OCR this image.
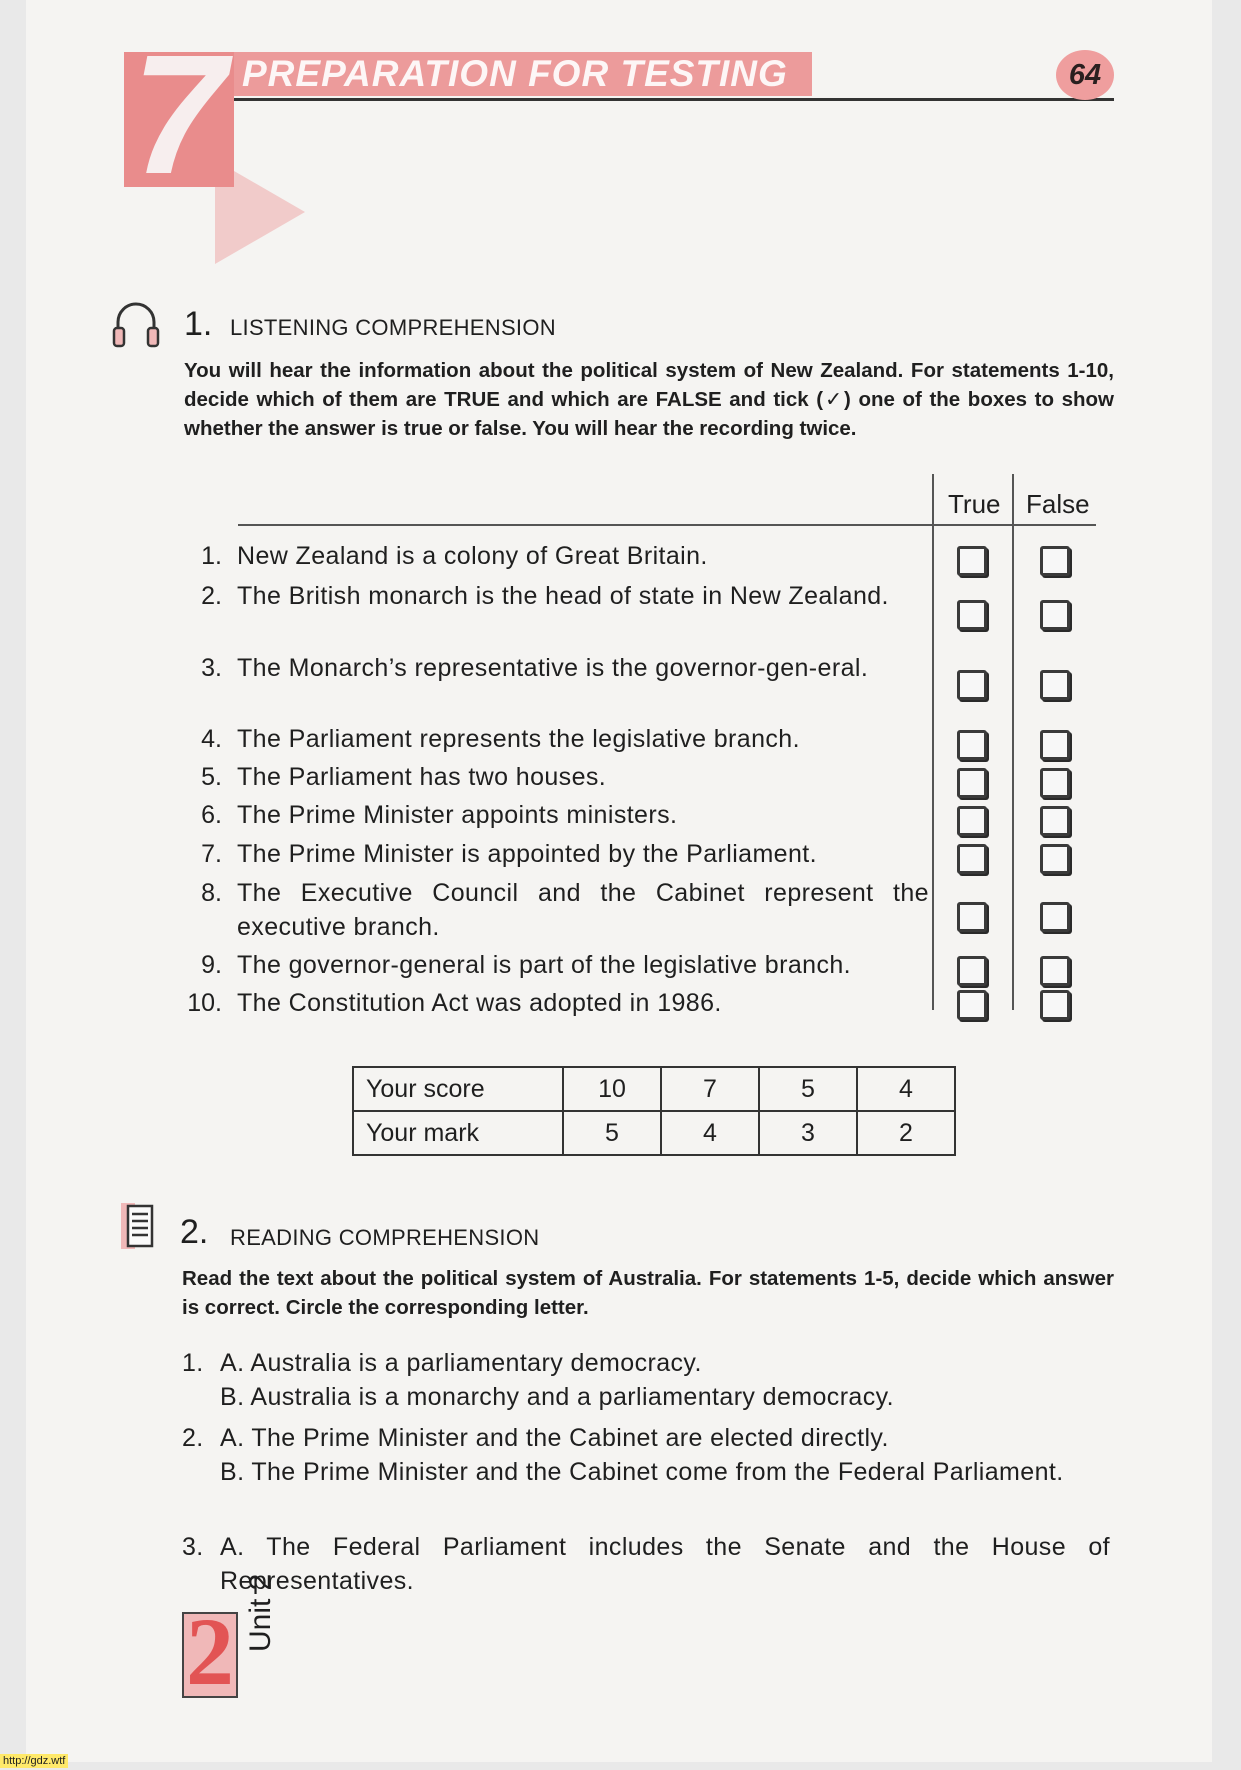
7 PREPARATION FOR TESTING	64
1. LISTENING COMPREHENSION
You will hear the information about the political system of New Zealand. For statements 1-10, decide which of them are TRUE and which are FALSE and tick (✓) one of the boxes to show whether the answer is true or false. You will hear the recording twice.
True False
1. New Zealand is a colony of Great Britain.
2. The British monarch is the head of state in New Zealand.
3. The Monarch’s representative is the governor-gen-eral.
4. The Parliament represents the legislative branch.
5. The Parliament has two houses.
6. The Prime Minister appoints ministers.
7. The Prime Minister is appointed by the Parliament.
8. The Executive Council and the Cabinet represent the executive branch.
9. The governor-general is part of the legislative branch.
10. The Constitution Act was adopted in 1986.
Your score	10	7	5	4
Your mark	5	4	3	2
2. READING COMPREHENSION
Read the text about the political system of Australia. For statements 1-5, decide which answer is correct. Circle the corresponding letter.
1. A. Australia is a parliamentary democracy.
B. Australia is a monarchy and a parliamentary democracy.
2. A. The Prime Minister and the Cabinet are elected directly.
B. The Prime Minister and the Cabinet come from the Federal Parliament.
3. A. The Federal Parliament includes the Senate and the House of Representatives.
2 Unit 2
http://gdz.wtf
